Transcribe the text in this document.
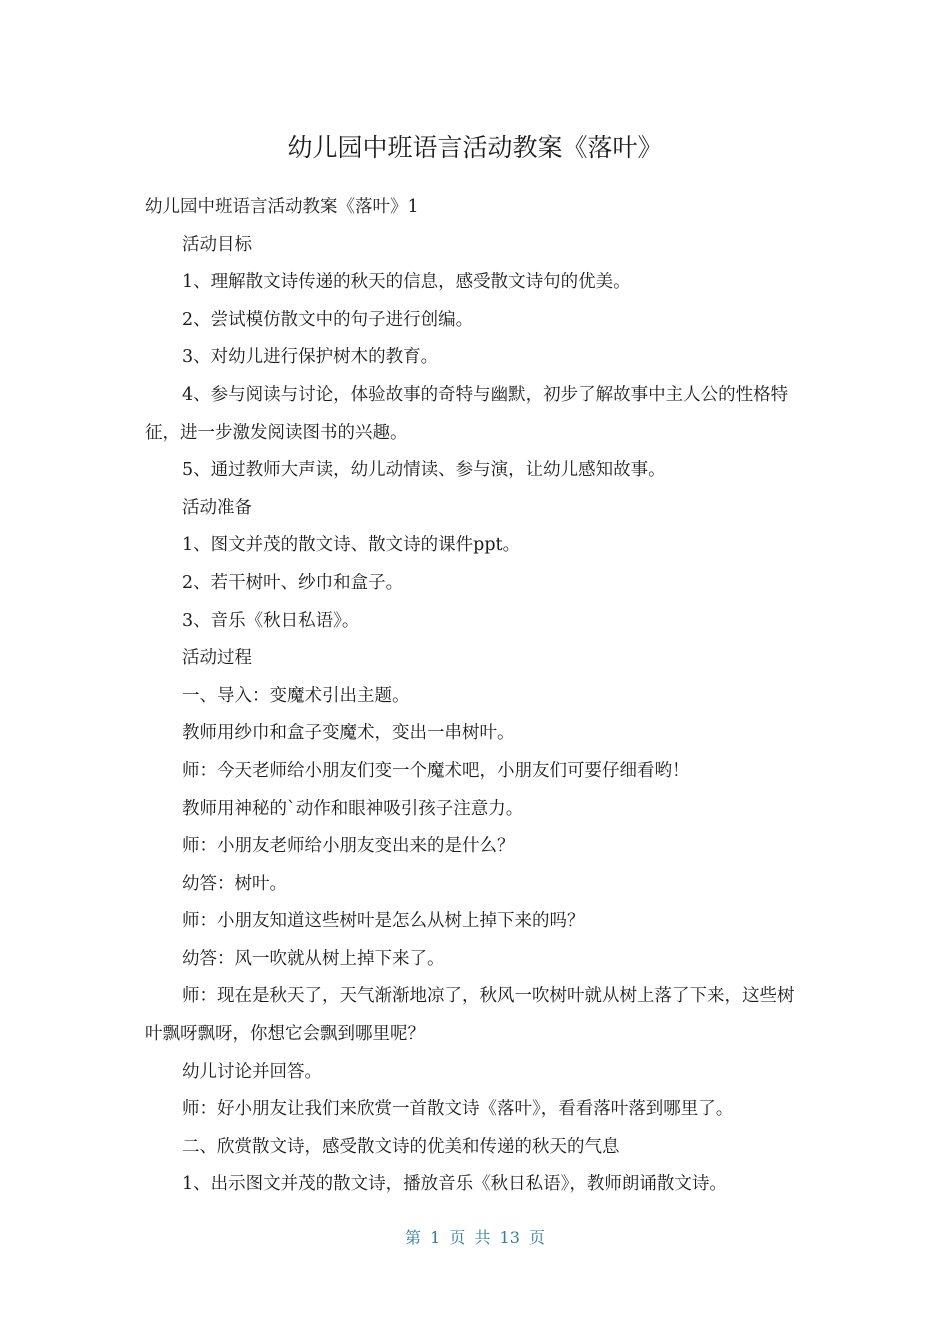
幼儿园中班语言活动教案《落叶》

幼儿园中班语言活动教案《落叶》1

活动目标

1、理解散文诗传递的秋天的信息，感受散文诗句的优美。

2、尝试模仿散文中的句子进行创编。

3、对幼儿进行保护树木的教育。

4、参与阅读与讨论，体验故事的奇特与幽默，初步了解故事中主人公的性格特征，进一步激发阅读图书的兴趣。

5、通过教师大声读，幼儿动情读、参与演，让幼儿感知故事。

活动准备

1、图文并茂的散文诗、散文诗的课件ppt。

2、若干树叶、纱巾和盒子。

3、音乐《秋日私语》。

活动过程

一、导入：变魔术引出主题。

教师用纱巾和盒子变魔术，变出一串树叶。

师：今天老师给小朋友们变一个魔术吧，小朋友们可要仔细看哟！

教师用神秘的`动作和眼神吸引孩子注意力。

师：小朋友老师给小朋友变出来的是什么？

幼答：树叶。

师：小朋友知道这些树叶是怎么从树上掉下来的吗？

幼答：风一吹就从树上掉下来了。

师：现在是秋天了，天气渐渐地凉了，秋风一吹树叶就从树上落了下来，这些树叶飘呀飘呀，你想它会飘到哪里呢？

幼儿讨论并回答。

师：好小朋友让我们来欣赏一首散文诗《落叶》，看看落叶落到哪里了。

二、欣赏散文诗，感受散文诗的优美和传递的秋天的气息

1、出示图文并茂的散文诗，播放音乐《秋日私语》，教师朗诵散文诗。

第 1 页 共 13 页
